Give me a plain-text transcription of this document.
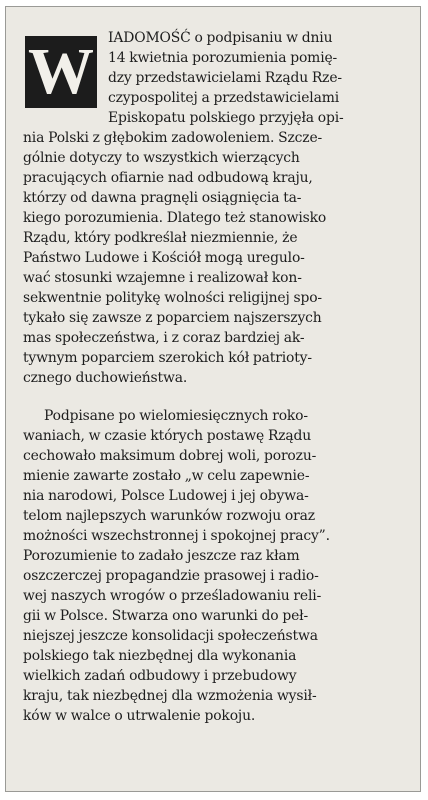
W	IADOMOŚĆ o podpisaniu w dniu
14 kwietnia porozumienia pomię-
dzy przedstawicielami Rządu Rze-
czypospolitej a przedstawicielami
Episkopatu polskiego przyjęła opi-
nia Polski z głębokim zadowoleniem. Szcze-
gólnie dotyczy to wszystkich wierzących
pracujących ofiarnie nad odbudową kraju,
którzy od dawna pragnęli osiągnięcia ta-
kiego porozumienia. Dlatego też stanowisko
Rządu, który podkreślał niezmiennie, że
Państwo Ludowe i Kościół mogą uregulo-
wać stosunki wzajemne i realizował kon-
sekwentnie politykę wolności religijnej spo-
tykało się zawsze z poparciem najszerszych
mas społeczeństwa, i z coraz bardziej ak-
tywnym poparciem szerokich kół patrioty-
cznego duchowieństwa.
Podpisane po wielomiesięcznych roko-
waniach, w czasie których postawę Rządu
cechowało maksimum dobrej woli, porozu-
mienie zawarte zostało „w celu zapewnie-
nia narodowi, Polsce Ludowej i jej obywa-
telom najlepszych warunków rozwoju oraz
możności wszechstronnej i spokojnej pracy”.
Porozumienie to zadało jeszcze raz kłam
oszczerczej propagandzie prasowej i radio-
wej naszych wrogów o prześladowaniu reli-
gii w Polsce. Stwarza ono warunki do peł-
niejszej jeszcze konsolidacji społeczeństwa
polskiego tak niezbędnej dla wykonania
wielkich zadań odbudowy i przebudowy
kraju, tak niezbędnej dla wzmożenia wysił-
ków w walce o utrwalenie pokoju.
